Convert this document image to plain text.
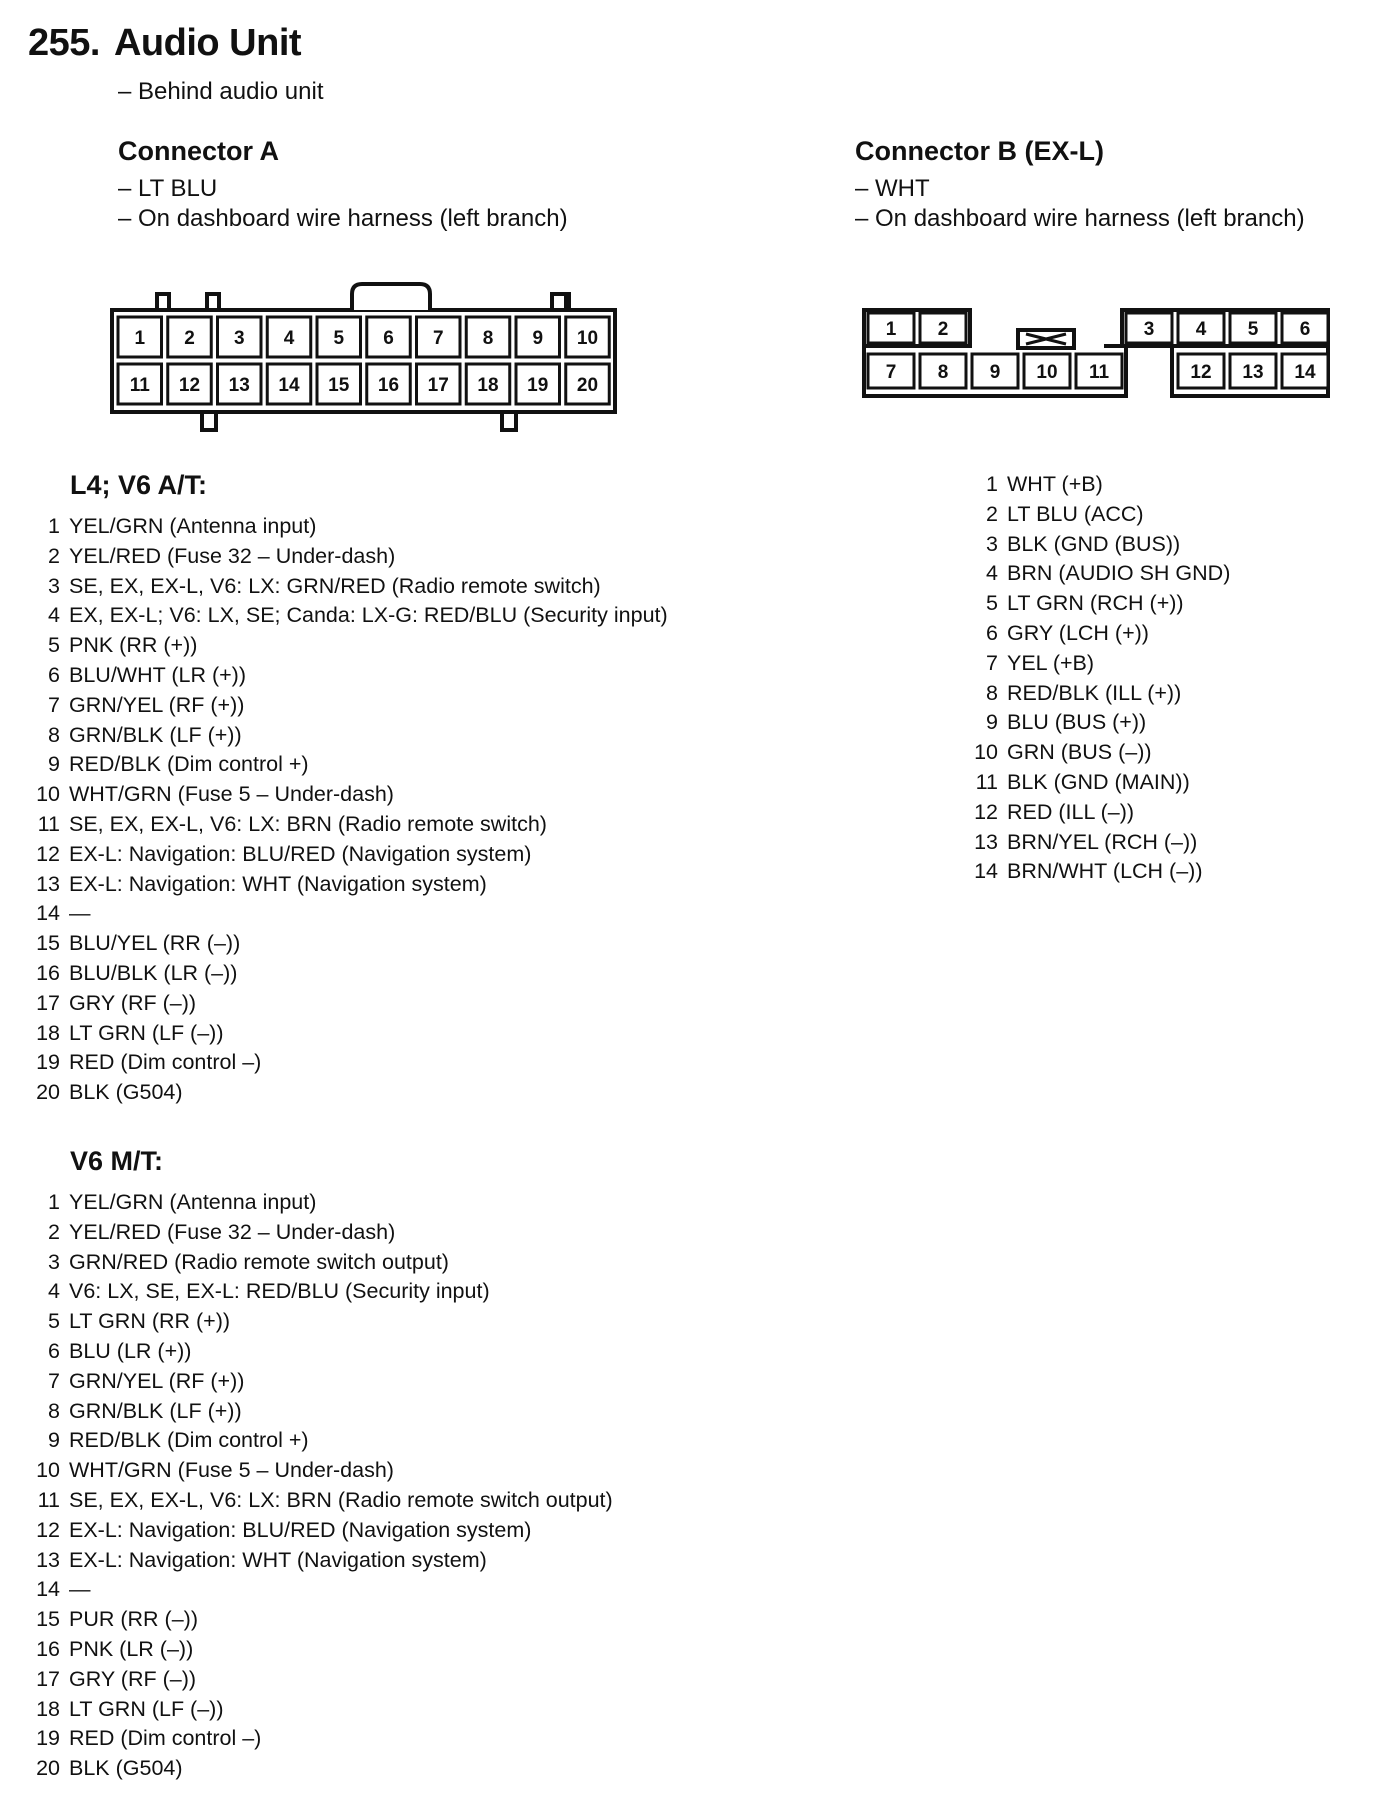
255. Audio Unit
– Behind audio unit
Connector A
– LT BLU
– On dashboard wire harness (left branch)
Connector B (EX-L)
– WHT
– On dashboard wire harness (left branch)
1 2 3 4 5 6 7 8 9 10
11 12 13 14 15 16 17 18 19 20
1 2	3 4 5 6
7 8 9 10 11	12 13 14
L4; V6 A/T:
1 YEL/GRN (Antenna input)
2 YEL/RED (Fuse 32 – Under-dash)
3 SE, EX, EX-L, V6: LX: GRN/RED (Radio remote switch)
4 EX, EX-L; V6: LX, SE; Canda: LX-G: RED/BLU (Security input)
5 PNK (RR (+))
6 BLU/WHT (LR (+))
7 GRN/YEL (RF (+))
8 GRN/BLK (LF (+))
9 RED/BLK (Dim control +)
10 WHT/GRN (Fuse 5 – Under-dash)
11 SE, EX, EX-L, V6: LX: BRN (Radio remote switch)
12 EX-L: Navigation: BLU/RED (Navigation system)
13 EX-L: Navigation: WHT (Navigation system)
14 —
15 BLU/YEL (RR (–))
16 BLU/BLK (LR (–))
17 GRY (RF (–))
18 LT GRN (LF (–))
19 RED (Dim control –)
20 BLK (G504)
V6 M/T:
1 YEL/GRN (Antenna input)
2 YEL/RED (Fuse 32 – Under-dash)
3 GRN/RED (Radio remote switch output)
4 V6: LX, SE, EX-L: RED/BLU (Security input)
5 LT GRN (RR (+))
6 BLU (LR (+))
7 GRN/YEL (RF (+))
8 GRN/BLK (LF (+))
9 RED/BLK (Dim control +)
10 WHT/GRN (Fuse 5 – Under-dash)
11 SE, EX, EX-L, V6: LX: BRN (Radio remote switch output)
12 EX-L: Navigation: BLU/RED (Navigation system)
13 EX-L: Navigation: WHT (Navigation system)
14 —
15 PUR (RR (–))
16 PNK (LR (–))
17 GRY (RF (–))
18 LT GRN (LF (–))
19 RED (Dim control –)
20 BLK (G504)
1 WHT (+B)
2 LT BLU (ACC)
3 BLK (GND (BUS))
4 BRN (AUDIO SH GND)
5 LT GRN (RCH (+))
6 GRY (LCH (+))
7 YEL (+B)
8 RED/BLK (ILL (+))
9 BLU (BUS (+))
10 GRN (BUS (–))
11 BLK (GND (MAIN))
12 RED (ILL (–))
13 BRN/YEL (RCH (–))
14 BRN/WHT (LCH (–))
